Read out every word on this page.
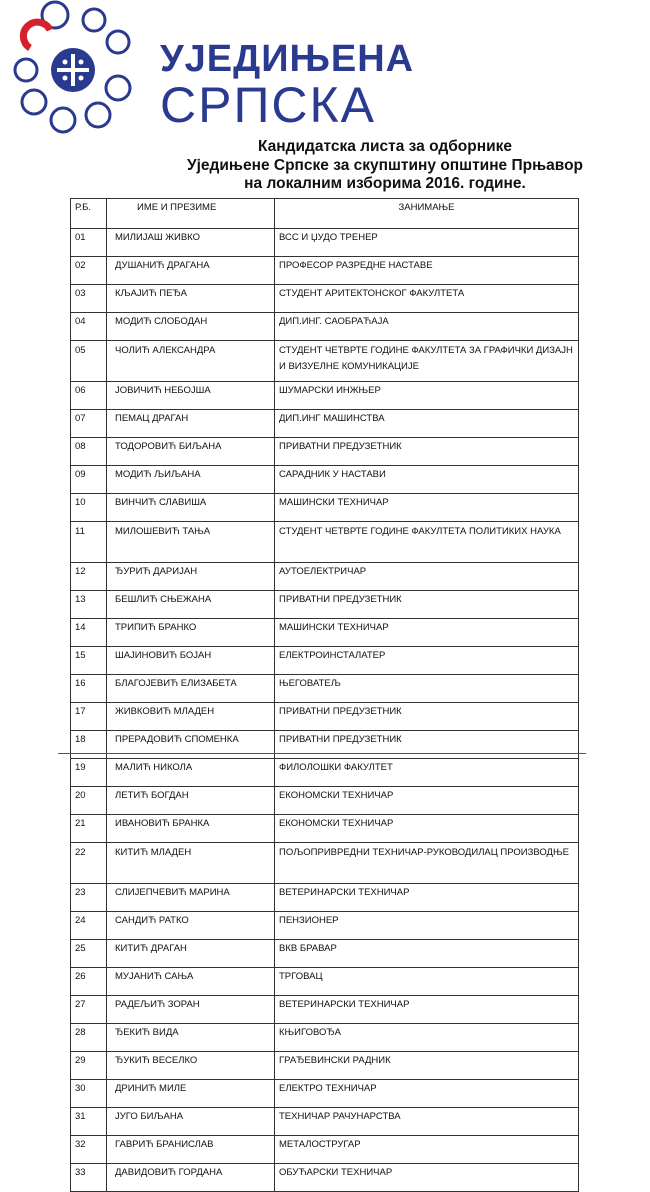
УЈЕДИЊЕНА
СРПСКА
Кандидатска листа за одборнике
Уједињене Српске за скупштину општине Прњавор
на локалним изборима 2016. године.
Р.Б.	ИМЕ И ПРЕЗИМЕ	ЗАНИМАЊЕ
01	МИЛИЈАШ ЖИВКО	ВСС И ЏУДО ТРЕНЕР
02	ДУШАНИЋ ДРАГАНА	ПРОФЕСОР РАЗРЕДНЕ НАСТАВЕ
03	КЉАЈИЋ ПЕЂА	СТУДЕНТ АРИТЕКТОНСКОГ ФАКУЛТЕТА
04	МОДИЋ СЛОБОДАН	ДИП.ИНГ. САОБРАЋАЈА
05	ЧОЛИЋ АЛЕКСАНДРА	СТУДЕНТ ЧЕТВРТЕ ГОДИНЕ ФАКУЛТЕТА ЗА ГРАФИЧКИ ДИЗАЈН И ВИЗУЕЛНЕ КОМУНИКАЦИЈЕ
06	ЈОВИЧИЋ НЕБОЈША	ШУМАРСКИ ИНЖЊЕР
07	ПЕМАЦ ДРАГАН	ДИП.ИНГ МАШИНСТВА
08	ТОДОРОВИЋ БИЉАНА	ПРИВАТНИ ПРЕДУЗЕТНИК
09	МОДИЋ ЉИЉАНА	САРАДНИК У НАСТАВИ
10	ВИНЧИЋ СЛАВИША	МАШИНСКИ ТЕХНИЧАР
11	МИЛОШЕВИЋ ТАЊА	СТУДЕНТ ЧЕТВРТЕ ГОДИНЕ ФАКУЛТЕТА ПОЛИТИКИХ НАУКА
12	ЂУРИЋ ДАРИЈАН	АУТОЕЛЕКТРИЧАР
13	БЕШЛИЋ СЊЕЖАНА	ПРИВАТНИ ПРЕДУЗЕТНИК
14	ТРИПИЋ БРАНКО	МАШИНСКИ ТЕХНИЧАР
15	ШАЈИНОВИЋ БОЈАН	ЕЛЕКТРОИНСТАЛАТЕР
16	БЛАГОЈЕВИЋ ЕЛИЗАБЕТА	ЊЕГОВАТЕЉ
17	ЖИВКОВИЋ МЛАДЕН	ПРИВАТНИ ПРЕДУЗЕТНИК
18	ПРЕРАДОВИЋ СПОМЕНКА	ПРИВАТНИ ПРЕДУЗЕТНИК
19	МАЛИЋ НИКОЛА	ФИЛОЛОШКИ ФАКУЛТЕТ
20	ЛЕТИЋ БОГДАН	ЕКОНОМСКИ ТЕХНИЧАР
21	ИВАНОВИЋ БРАНКА	ЕКОНОМСКИ ТЕХНИЧАР
22	КИТИЋ МЛАДЕН	ПОЉОПРИВРЕДНИ ТЕХНИЧАР-РУКОВОДИЛАЦ ПРОИЗВОДЊЕ
23	СЛИЈЕПЧЕВИЋ МАРИНА	ВЕТЕРИНАРСКИ ТЕХНИЧАР
24	САНДИЋ РАТКО	ПЕНЗИОНЕР
25	КИТИЋ ДРАГАН	ВКВ БРАВАР
26	МУЈАНИЋ САЊА	ТРГОВАЦ
27	РАДЕЉИЋ ЗОРАН	ВЕТЕРИНАРСКИ ТЕХНИЧАР
28	ЂЕКИЋ ВИДА	КЊИГОВОЂА
29	ЂУКИЋ ВЕСЕЛКО	ГРАЂЕВИНСКИ РАДНИК
30	ДРИНИЋ МИЛЕ	ЕЛЕКТРО ТЕХНИЧАР
31	ЈУГО БИЉАНА	ТЕХНИЧАР РАЧУНАРСТВА
32	ГАВРИЋ БРАНИСЛАВ	МЕТАЛОСТРУГАР
33	ДАВИДОВИЋ ГОРДАНА	ОБУЋАРСКИ ТЕХНИЧАР
